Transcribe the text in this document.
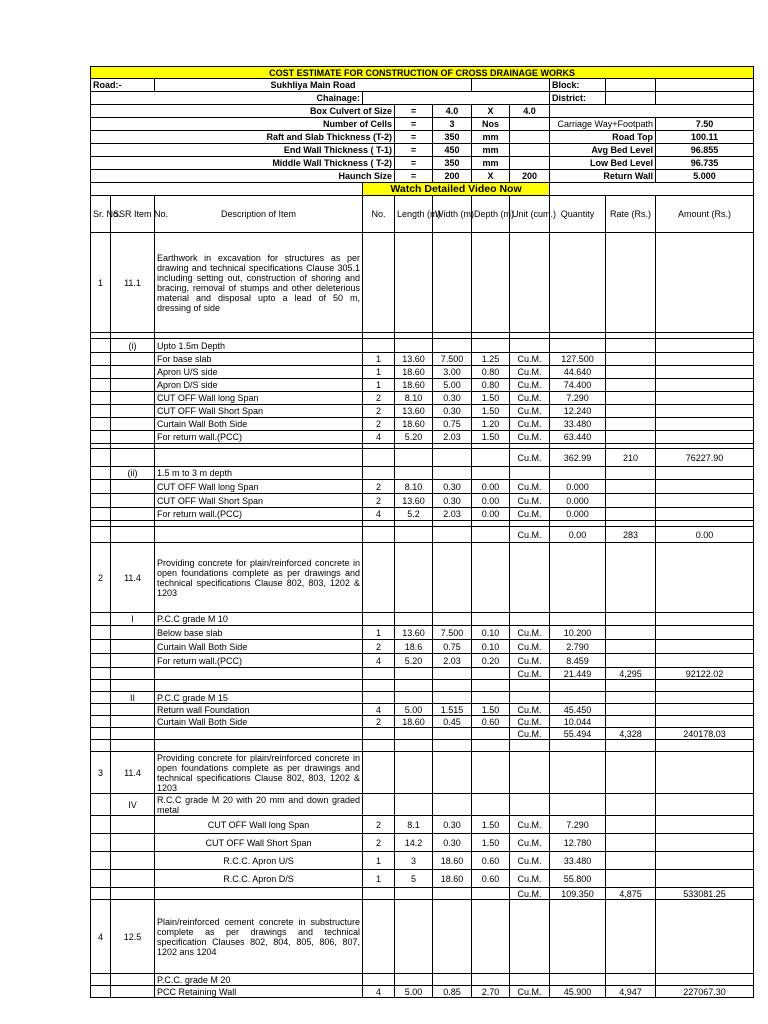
COST ESTIMATE FOR CONSTRUCTION OF CROSS DRAINAGE WORKS											
Road:-		Sukhliya Main Road						Block:			
Chainage:								District:			
Box Culvert of Size				=	4.0	X	4.0				
Number of Cells				=	3	Nos		Carriage Way+Footpath		7.50	
Raft and Slab Thickness (T-2)				=	350	mm		Road Top		100.11	
End Wall Thickness ( T-1)				=	450	mm		Avg Bed Level		96.855	
Middle Wall Thickness ( T-2)				=	350	mm		Low Bed Level		96.735	
Haunch Size				=	200	X	200	Return Wall		5.000	
			Watch Detailed Video Now								
Sr. No.	SSR Item No.	Description of Item	No.	Length (m)	Width (m)	Depth (m)	Unit (cum.)	Quantity	Rate (Rs.)	Amount (Rs.)	
1	11.1	Earthwork in excavation for structures as per drawing and technical specifications Clause 305.1 including setting out, construction of shoring and bracing, removal of stumps and other deleterious material and disposal upto a lead of 50 m, dressing of side									

	(i)	Upto 1.5m Depth									
		For base slab	1	13.60	7.500	1.25	Cu.M.	127.500			
		Apron U/S side	1	18.60	3.00	0.80	Cu.M.	44.640			
		Apron D/S side	1	18.60	5.00	0.80	Cu.M.	74.400			
		CUT OFF Wall long Span	2	8.10	0.30	1.50	Cu.M.	7.290			
		CUT OFF Wall Short Span	2	13.60	0.30	1.50	Cu.M.	12.240			
		Curtain Wall Both Side	2	18.60	0.75	1.20	Cu.M.	33.480			
		For return wall.(PCC)	4	5.20	2.03	1.50	Cu.M.	63.440			

							Cu.M.	362.99	210	76227.90	
	(ii)	1.5 m to 3 m depth									
		CUT OFF Wall long Span	2	8.10	0.30	0.00	Cu.M.	0.000			
		CUT OFF Wall Short Span	2	13.60	0.30	0.00	Cu.M.	0.000			
		For return wall.(PCC)	4	5.2	2.03	0.00	Cu.M.	0.000			

							Cu.M.	0.00	283	0.00	
2	11.4	Providing concrete for plain/reinforced concrete in open foundations complete as per drawings and technical specifications Clause 802, 803, 1202 & 1203									
	I	P.C.C grade M 10									
		Below base slab	1	13.60	7.500	0.10	Cu.M.	10.200			
		Curtain Wall Both Side	2	18.6	0.75	0.10	Cu.M.	2.790			
		For return wall.(PCC)	4	5.20	2.03	0.20	Cu.M.	8.459			
							Cu.M.	21.449	4,295	92122.02	

	II	P.C.C grade M 15									
		Return wall Foundation	4	5.00	1.515	1.50	Cu.M.	45.450			
		Curtain Wall Both Side	2	18.60	0.45	0.60	Cu.M.	10.044			
							Cu.M.	55.494	4,328	240178.03	

3	11.4	Providing concrete for plain/reinforced concrete in open foundations complete as per drawings and technical specifications Clause 802, 803, 1202 & 1203									
	IV	R.C.C grade M 20 with 20 mm and down graded metal									
		CUT OFF Wall long Span	2	8.1	0.30	1.50	Cu.M.	7.290			
		CUT OFF Wall Short Span	2	14.2	0.30	1.50	Cu.M.	12.780			
		R.C.C. Apron U/S	1	3	18.60	0.60	Cu.M.	33.480			
		R.C.C. Apron D/S	1	5	18.60	0.60	Cu.M.	55.800			
							Cu.M.	109.350	4,875	533081.25	
4	12.5	Plain/reinforced cement concrete in substructure complete as per drawings and technical specification Clauses 802, 804, 805, 806, 807, 1202 ans 1204									
		P.C.C. grade M 20									
		PCC Retaining Wall	4	5.00	0.85	2.70	Cu.M.	45.900	4,947	227067.30	
